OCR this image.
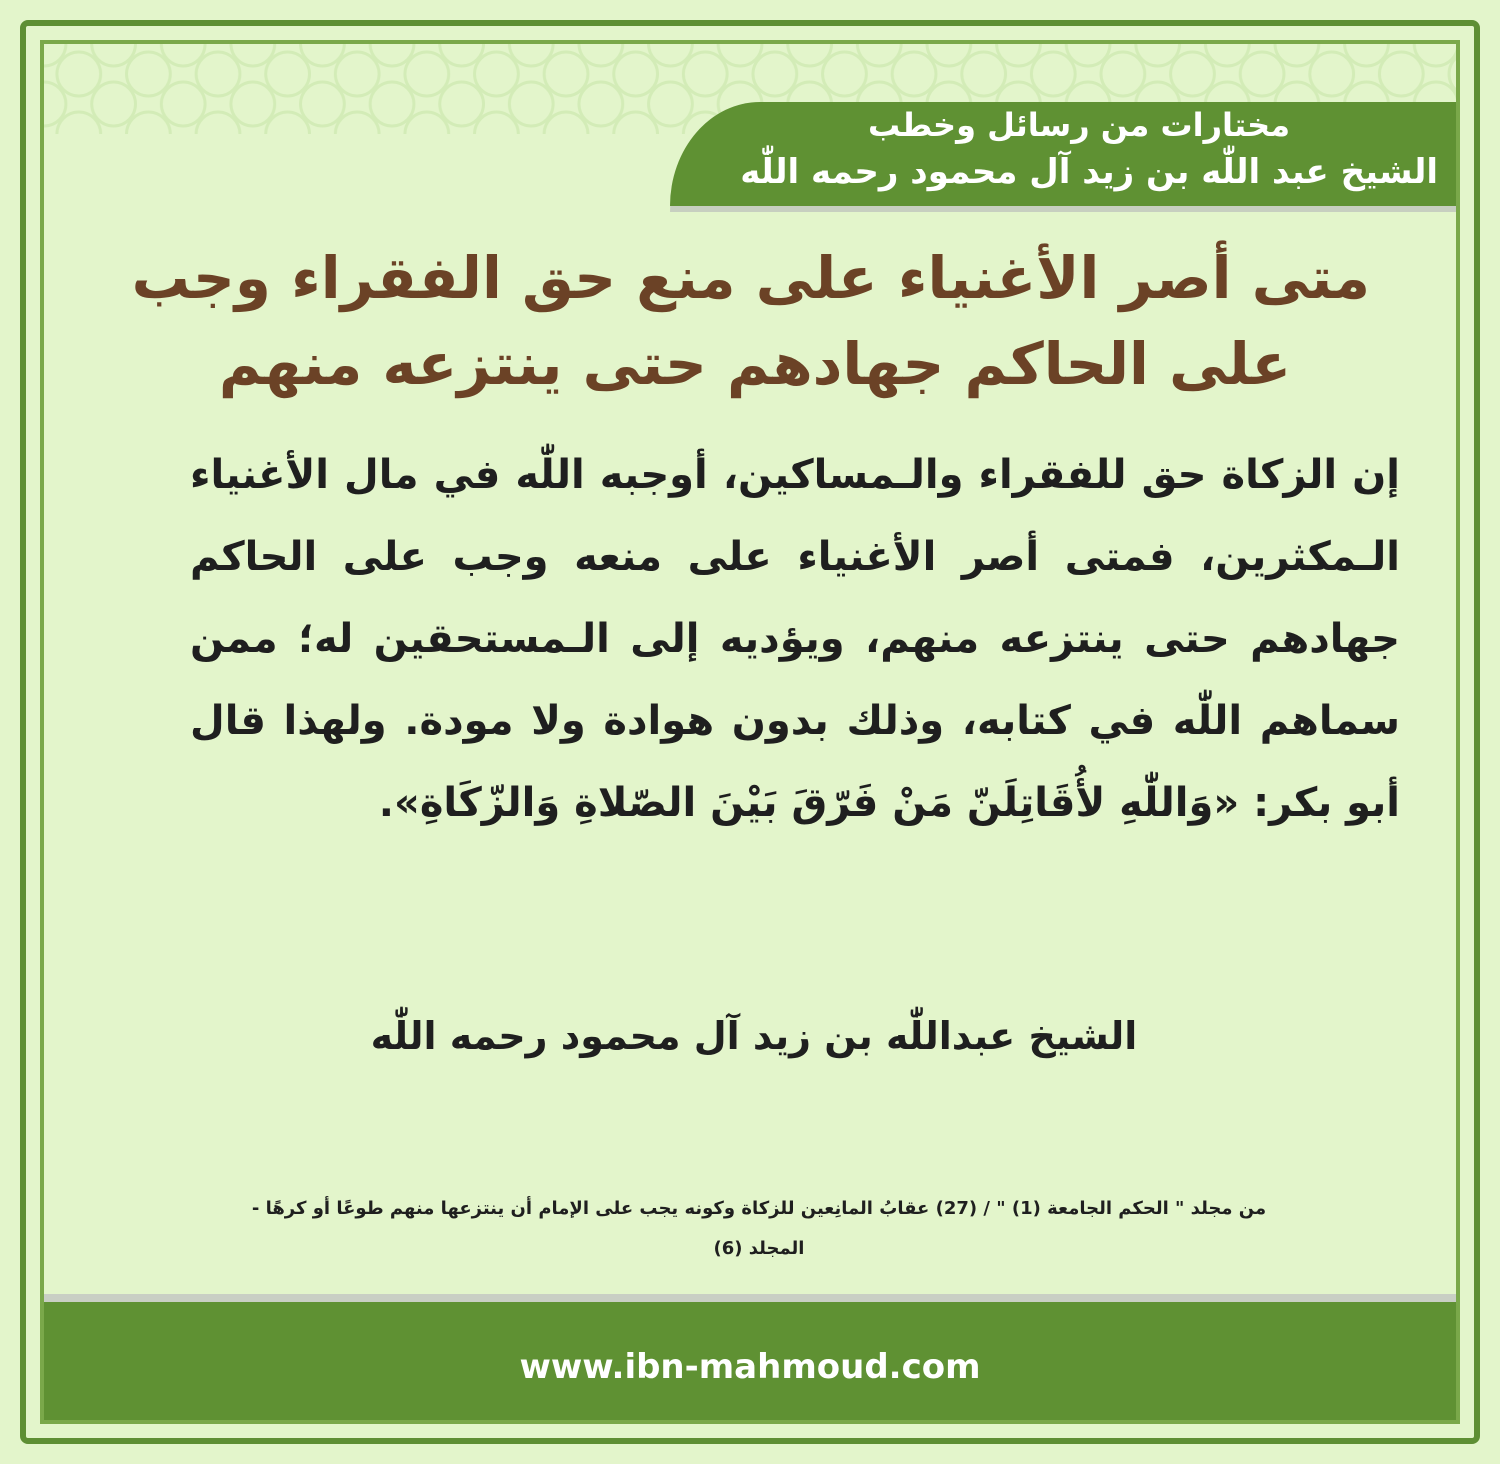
مختارات من رسائل وخطب
الشيخ عبد اللّٰه بن زيد آل محمود رحمه اللّٰه
متى أصر الأغنياء على منع حق الفقراء وجب
على الحاكم جهادهم حتى ينتزعه منهم
إن الزكاة حق للفقراء والـمساكين، أوجبه اللّٰه في مال الأغنياء الـمكثرين، فمتى أصر الأغنياء على منعه وجب على الحاكم جهادهم حتى ينتزعه منهم، ويؤديه إلى الـمستحقين له؛ ممن سماهم اللّٰه في كتابه، وذلك بدون هوادة ولا مودة. ولهذا قال أبو بكر: «وَاللّٰهِ لأُقَاتِلَنّ مَنْ فَرّقَ بَيْنَ الصّلاةِ وَالزّكَاةِ».
الشيخ عبداللّٰه بن زيد آل محمود رحمه اللّٰه
من مجلد " الحكم الجامعة (1) " / (27) عقابُ المانِعين للزكاة وكونه يجب على الإمام أن ينتزعها منهم طوعًا أو كرهًا -
المجلد (6)
www.ibn-mahmoud.com
